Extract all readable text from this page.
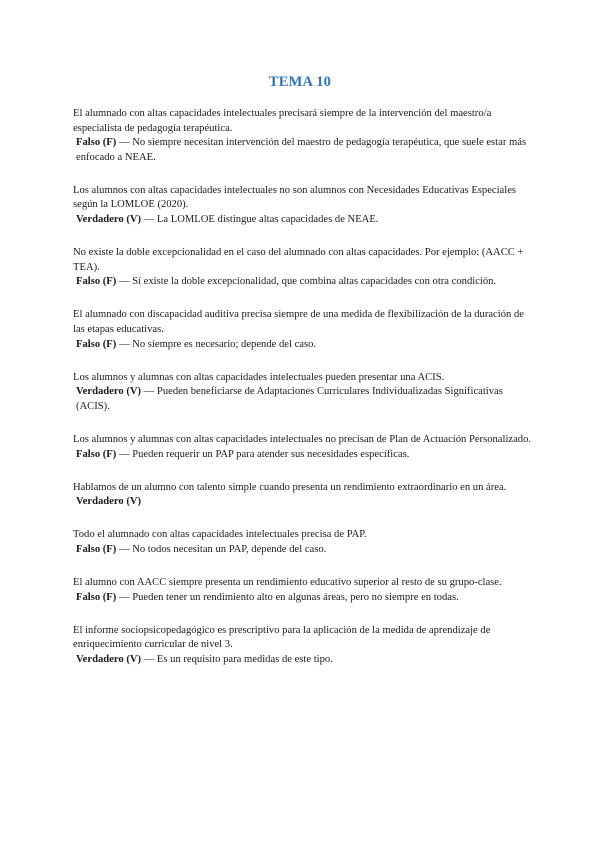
TEMA 10
El alumnado con altas capacidades intelectuales precisará siempre de la intervención del maestro/a especialista de pedagogía terapéutica.
Falso (F) — No siempre necesitan intervención del maestro de pedagogía terapéutica, que suele estar más enfocado a NEAE.
Los alumnos con altas capacidades intelectuales no son alumnos con Necesidades Educativas Especiales según la LOMLOE (2020).
Verdadero (V) — La LOMLOE distingue altas capacidades de NEAE.
No existe la doble excepcionalidad en el caso del alumnado con altas capacidades. Por ejemplo: (AACC + TEA).
Falso (F) — Sí existe la doble excepcionalidad, que combina altas capacidades con otra condición.
El alumnado con discapacidad auditiva precisa siempre de una medida de flexibilización de la duración de las etapas educativas.
Falso (F) — No siempre es necesario; depende del caso.
Los alumnos y alumnas con altas capacidades intelectuales pueden presentar una ACIS.
Verdadero (V) — Pueden beneficiarse de Adaptaciones Curriculares Individualizadas Significativas (ACIS).
Los alumnos y alumnas con altas capacidades intelectuales no precisan de Plan de Actuación Personalizado.
Falso (F) — Pueden requerir un PAP para atender sus necesidades específicas.
Hablamos de un alumno con talento simple cuando presenta un rendimiento extraordinario en un área.
Verdadero (V)
Todo el alumnado con altas capacidades intelectuales precisa de PAP.
Falso (F) — No todos necesitan un PAP, depende del caso.
El alumno con AACC siempre presenta un rendimiento educativo superior al resto de su grupo-clase.
Falso (F) — Pueden tener un rendimiento alto en algunas áreas, pero no siempre en todas.
El informe sociopsicopedagógico es prescriptivo para la aplicación de la medida de aprendizaje de enriquecimiento curricular de nivel 3.
Verdadero (V) — Es un requisito para medidas de este tipo.
